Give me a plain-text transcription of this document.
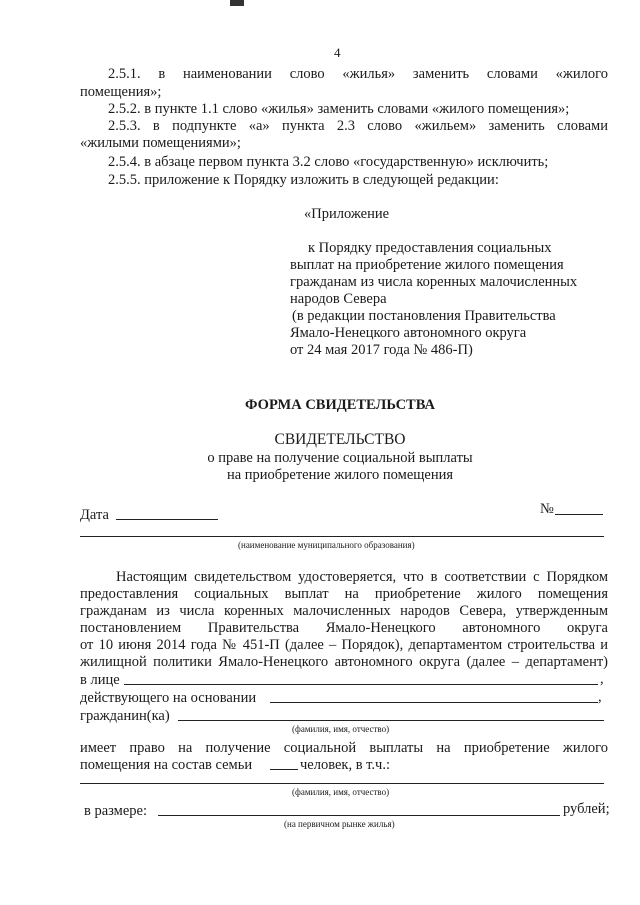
4
2.5.1. в наименовании слово «жилья» заменить словами «жилого
помещения»;
2.5.2. в пункте 1.1 слово «жилья» заменить словами «жилого помещения»;
2.5.3. в подпункте «а» пункта 2.3 слово «жильем» заменить словами
«жилыми помещениями»;
2.5.4. в абзаце первом пункта 3.2 слово «государственную» исключить;
2.5.5. приложение к Порядку изложить в следующей редакции:
«Приложение
к Порядку предоставления социальных
выплат на приобретение жилого помещения
гражданам из числа коренных малочисленных
народов Севера
(в редакции постановления Правительства
Ямало-Ненецкого автономного округа
от 24 мая 2017 года № 486-П)
ФОРМА СВИДЕТЕЛЬСТВА
СВИДЕТЕЛЬСТВО
о праве на получение социальной выплаты
на приобретение жилого помещения
Дата	№
(наименование муниципального образования)
Настоящим свидетельством удостоверяется, что в соответствии с Порядком
предоставления социальных выплат на приобретение жилого помещения
гражданам из числа коренных малочисленных народов Севера, утвержденным
постановлением Правительства Ямало-Ненецкого автономного округа
от 10 июня 2014 года № 451-П (далее – Порядок), департаментом строительства и
жилищной политики Ямало-Ненецкого автономного округа (далее – департамент)
в лице	,
действующего на основании	,
гражданин(ка)
(фамилия, имя, отчество)
имеет право на получение социальной выплаты на приобретение жилого
помещения на состав семьи	человек, в т.ч.:
(фамилия, имя, отчество)
в размере:	рублей;
(на первичном рынке жилья)
